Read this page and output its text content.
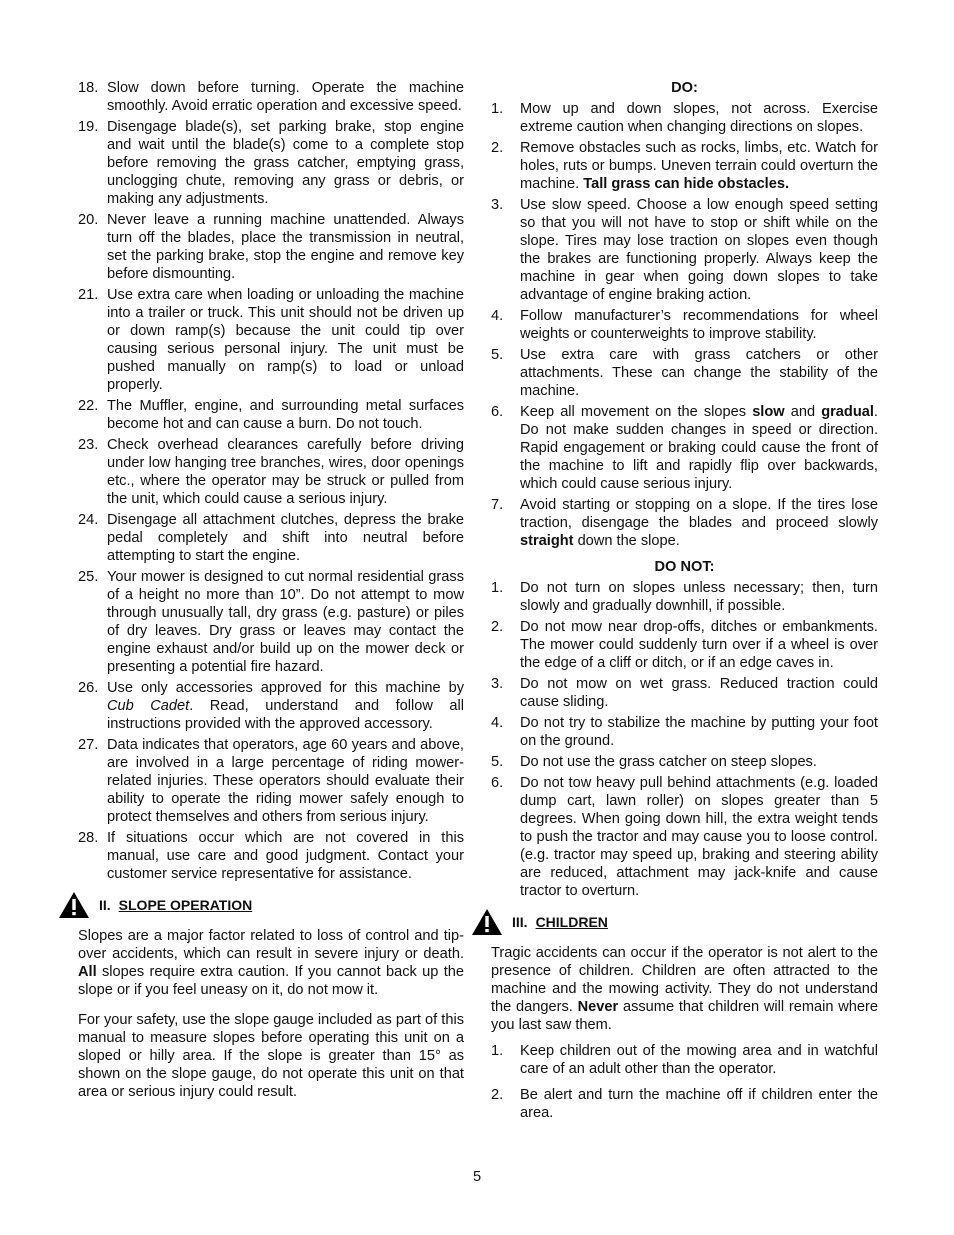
18. Slow down before turning. Operate the machine smoothly. Avoid erratic operation and excessive speed.
19. Disengage blade(s), set parking brake, stop engine and wait until the blade(s) come to a complete stop before removing the grass catcher, emptying grass, unclogging chute, removing any grass or debris, or making any adjustments.
20. Never leave a running machine unattended. Always turn off the blades, place the transmission in neutral, set the parking brake, stop the engine and remove key before dismounting.
21. Use extra care when loading or unloading the machine into a trailer or truck. This unit should not be driven up or down ramp(s) because the unit could tip over causing serious personal injury. The unit must be pushed manually on ramp(s) to load or unload properly.
22. The Muffler, engine, and surrounding metal surfaces become hot and can cause a burn. Do not touch.
23. Check overhead clearances carefully before driving under low hanging tree branches, wires, door openings etc., where the operator may be struck or pulled from the unit, which could cause a serious injury.
24. Disengage all attachment clutches, depress the brake pedal completely and shift into neutral before attempting to start the engine.
25. Your mower is designed to cut normal residential grass of a height no more than 10”. Do not attempt to mow through unusually tall, dry grass (e.g. pasture) or piles of dry leaves. Dry grass or leaves may contact the engine exhaust and/or build up on the mower deck or presenting a potential fire hazard.
26. Use only accessories approved for this machine by Cub Cadet. Read, understand and follow all instructions provided with the approved accessory.
27. Data indicates that operators, age 60 years and above, are involved in a large percentage of riding mower-related injuries. These operators should evaluate their ability to operate the riding mower safely enough to protect themselves and others from serious injury.
28. If situations occur which are not covered in this manual, use care and good judgment. Contact your customer service representative for assistance.
II. SLOPE OPERATION

Slopes are a major factor related to loss of control and tip-over accidents, which can result in severe injury or death. All slopes require extra caution. If you cannot back up the slope or if you feel uneasy on it, do not mow it.

For your safety, use the slope gauge included as part of this manual to measure slopes before operating this unit on a sloped or hilly area. If the slope is greater than 15° as shown on the slope gauge, do not operate this unit on that area or serious injury could result.

DO:
1.	Mow up and down slopes, not across. Exercise extreme caution when changing directions on slopes.
2.	Remove obstacles such as rocks, limbs, etc. Watch for holes, ruts or bumps. Uneven terrain could overturn the machine. Tall grass can hide obstacles.
3.	Use slow speed. Choose a low enough speed setting so that you will not have to stop or shift while on the slope. Tires may lose traction on slopes even though the brakes are functioning properly. Always keep the machine in gear when going down slopes to take advantage of engine braking action.
4.	Follow manufacturer’s recommendations for wheel weights or counterweights to improve stability.
5.	Use extra care with grass catchers or other attachments. These can change the stability of the machine.
6.	Keep all movement on the slopes slow and gradual. Do not make sudden changes in speed or direction. Rapid engagement or braking could cause the front of the machine to lift and rapidly flip over backwards, which could cause serious injury.
7.	Avoid starting or stopping on a slope. If the tires lose traction, disengage the blades and proceed slowly straight down the slope.
DO NOT:
1.	Do not turn on slopes unless necessary; then, turn slowly and gradually downhill, if possible.
2.	Do not mow near drop-offs, ditches or embankments. The mower could suddenly turn over if a wheel is over the edge of a cliff or ditch, or if an edge caves in.
3.	Do not mow on wet grass. Reduced traction could cause sliding.
4.	Do not try to stabilize the machine by putting your foot on the ground.
5.	Do not use the grass catcher on steep slopes.
6.	Do not tow heavy pull behind attachments (e.g. loaded dump cart, lawn roller) on slopes greater than 5 degrees. When going down hill, the extra weight tends to push the tractor and may cause you to loose control. (e.g. tractor may speed up, braking and steering ability are reduced, attachment may jack-knife and cause tractor to overturn.
III. CHILDREN

Tragic accidents can occur if the operator is not alert to the presence of children. Children are often attracted to the machine and the mowing activity. They do not understand the dangers. Never assume that children will remain where you last saw them.

1.	Keep children out of the mowing area and in watchful care of an adult other than the operator.
2.	Be alert and turn the machine off if children enter the area.
5
